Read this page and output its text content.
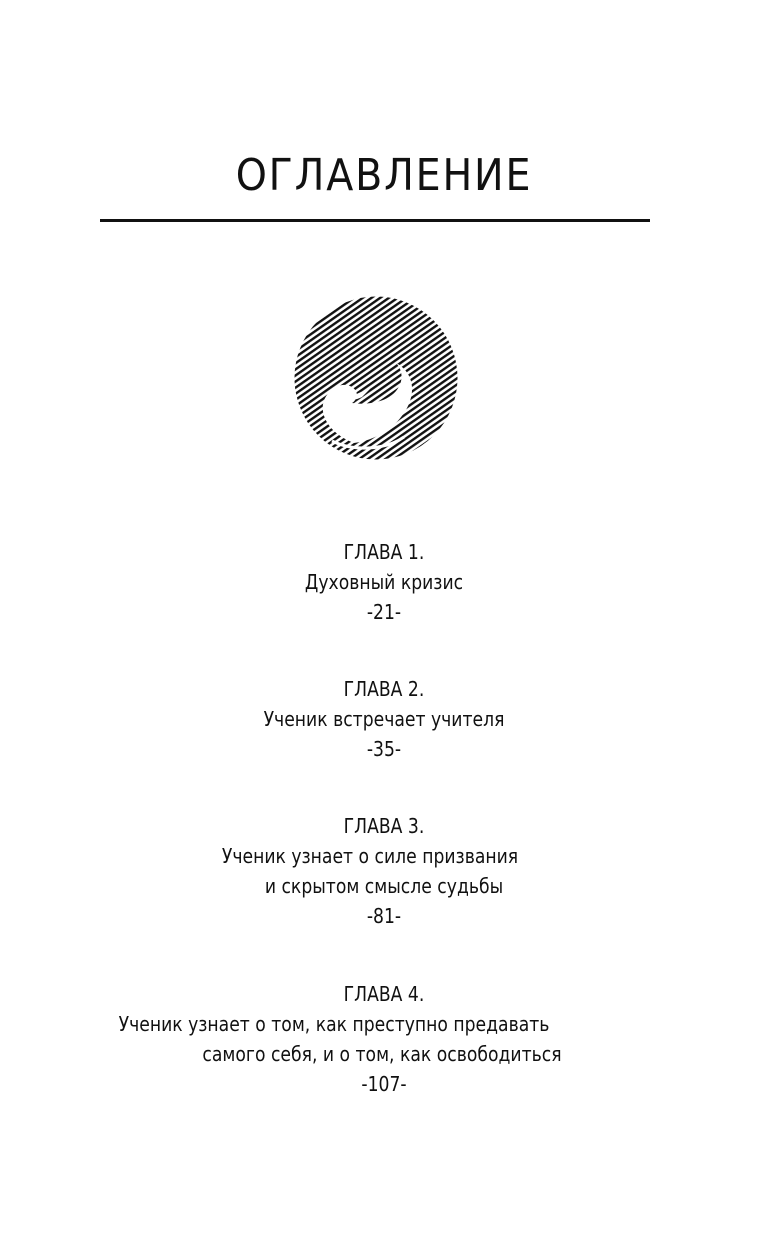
ОГЛАВЛЕНИЕ
ГЛАВА 1.
Духовный кризис
-21-
ГЛАВА 2.
Ученик встречает учителя
-35-
ГЛАВА 3.
Ученик узнает о силе призвания
и скрытом смысле судьбы
-81-
ГЛАВА 4.
Ученик узнает о том, как преступно предавать
самого себя, и о том, как освободиться
-107-
